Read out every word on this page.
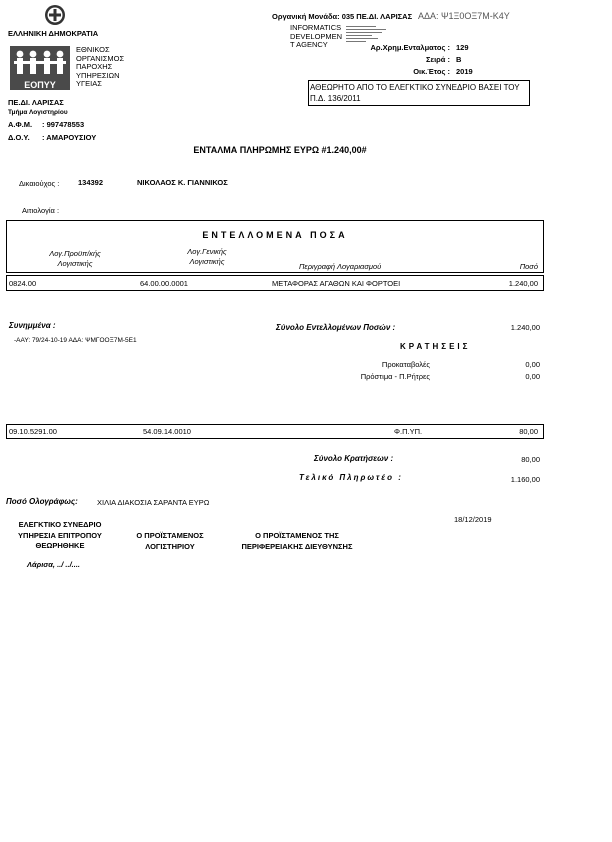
ΕΛΛΗΝΙΚΗ ΔΗΜΟΚΡΑΤΙΑ
ΕΟΠΥΥ
ΕΘΝΙΚΟΣ
ΟΡΓΑΝΙΣΜΟΣ
ΠΑΡΟΧΗΣ
ΥΠΗΡΕΣΙΩΝ
ΥΓΕΙΑΣ
Οργανική Μονάδα: 035 ΠΕ.ΔΙ. ΛΑΡΙΣΑΣ ΑΔΑ: Ψ1Ξ0ΟΞ7Μ-Κ4Υ
INFORMATICS
DEVELOPMEN
T AGENCY	Αρ.Χρημ.Ενταλματος : 129
Σειρά : Β
Οικ.Έτος : 2019
ΑΘΕΩΡΗΤΟ ΑΠΟ ΤΟ ΕΛΕΓΚΤΙΚΟ ΣΥΝΕΔΡΙΟ ΒΑΣΕΙ ΤΟΥ Π.Δ. 136/2011
ΠΕ.ΔΙ. ΛΑΡΙΣΑΣ
Τμήμα Λογιστηρίου
Α.Φ.Μ. : 997478553
Δ.Ο.Υ. : ΑΜΑΡΟΥΣΙΟΥ
ΕΝΤΑΛΜΑ ΠΛΗΡΩΜΗΣ ΕΥΡΩ #1.240,00#
Δικαιούχος : 134392	ΝΙΚΟΛΑΟΣ Κ. ΓΙΑΝΝΙΚΟΣ
Αιτιολογία :
ΕΝΤΕΛΛΟΜΕΝΑ ΠΟΣΑ
Λογ.Προϋπ/κής
Λογιστικής
Λογ.Γενικής
Λογιστικής
Περιγραφή Λογαριασμού	Ποσό
0824.00	64.00.00.0001	ΜΕΤΑΦΟΡΑΣ ΑΓΑΘΩΝ ΚΑΙ ΦΟΡΤΟΕΙ	1.240,00
Συνημμένα :
-ΑΑΥ: 79/24-10-19 ΑΔΑ: ΨΜΓΟΟΞ7Μ-5Ε1
Σύνολο Εντελλομένων Ποσών :	1.240,00
ΚΡΑΤΗΣΕΙΣ
Προκαταβολές	0,00
Πρόστιμα - Π.Ρήτρες	0,00
09.10.5291.00	54.09.14.0010	Φ.Π.ΥΠ.	80,00
Σύνολο Κρατήσεων :	80,00
Τελικό Πληρωτέο :	1.160,00
Ποσό Ολογράφως:	ΧΙΛΙΑ ΔΙΑΚΟΣΙΑ ΣΑΡΑΝΤΑ ΕΥΡΩ
18/12/2019
ΕΛΕΓΚΤΙΚΟ ΣΥΝΕΔΡΙΟ
ΥΠΗΡΕΣΙΑ ΕΠΙΤΡΟΠΟΥ
ΘΕΩΡΗΘΗΚΕ
Ο ΠΡΟΪΣΤΑΜΕΝΟΣ
ΛΟΓΙΣΤΗΡΙΟΥ
Ο ΠΡΟΪΣΤΑΜΕΝΟΣ ΤΗΣ
ΠΕΡΙΦΕΡΕΙΑΚΗΣ ΔΙΕΥΘΥΝΣΗΣ
Λάρισα, ../ ../....
